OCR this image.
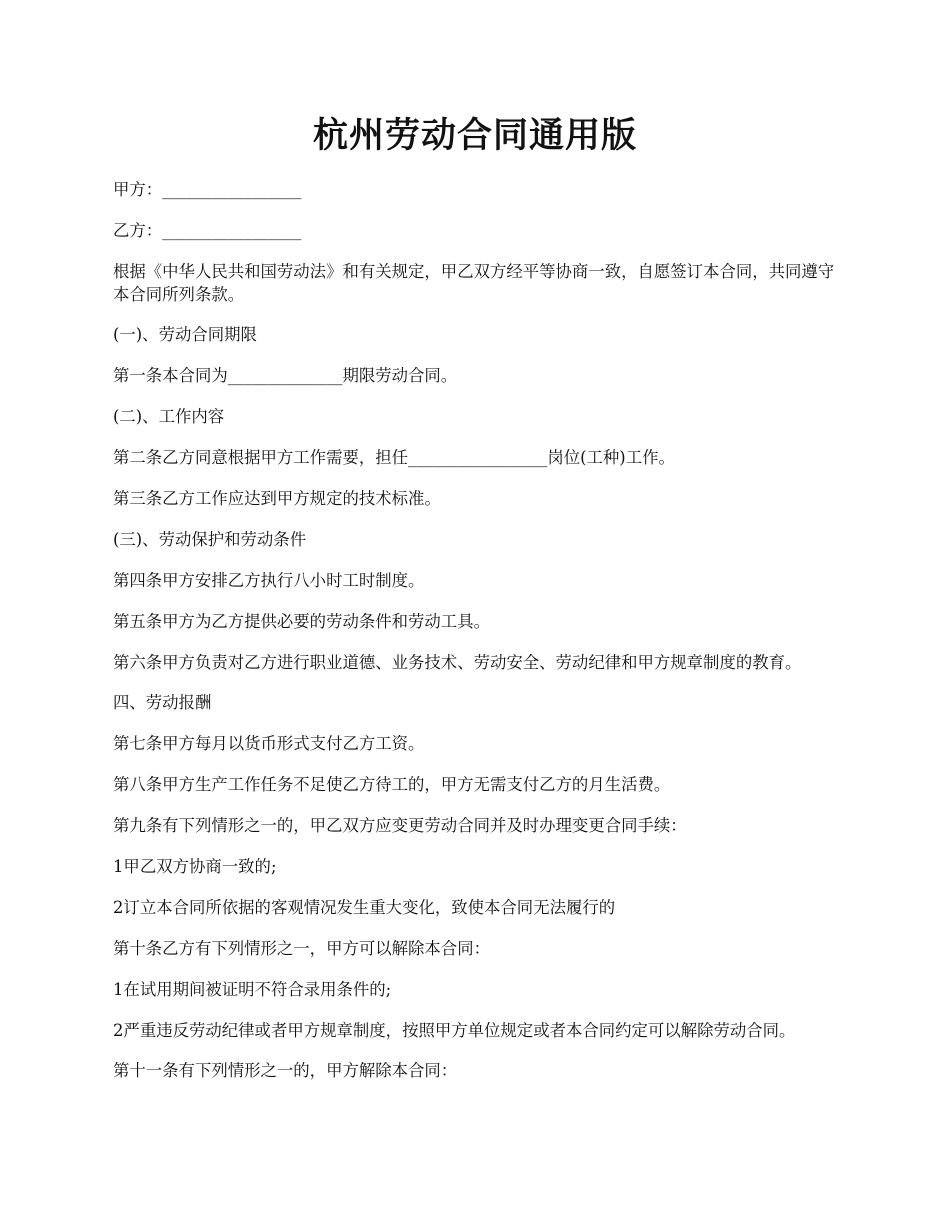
杭州劳动合同通用版

甲方：_________________

乙方：_________________

根据《中华人民共和国劳动法》和有关规定，甲乙双方经平等协商一致，自愿签订本合同，共同遵守本合同所列条款。

(一)、劳动合同期限

第一条本合同为______________期限劳动合同。

(二)、工作内容

第二条乙方同意根据甲方工作需要，担任_________________岗位(工种)工作。

第三条乙方工作应达到甲方规定的技术标准。

(三)、劳动保护和劳动条件

第四条甲方安排乙方执行八小时工时制度。

第五条甲方为乙方提供必要的劳动条件和劳动工具。

第六条甲方负责对乙方进行职业道德、业务技术、劳动安全、劳动纪律和甲方规章制度的教育。

四、劳动报酬

第七条甲方每月以货币形式支付乙方工资。

第八条甲方生产工作任务不足使乙方待工的，甲方无需支付乙方的月生活费。

第九条有下列情形之一的，甲乙双方应变更劳动合同并及时办理变更合同手续：

1甲乙双方协商一致的;

2订立本合同所依据的客观情况发生重大变化，致使本合同无法履行的

第十条乙方有下列情形之一，甲方可以解除本合同：

1在试用期间被证明不符合录用条件的;

2严重违反劳动纪律或者甲方规章制度，按照甲方单位规定或者本合同约定可以解除劳动合同。

第十一条有下列情形之一的，甲方解除本合同：
